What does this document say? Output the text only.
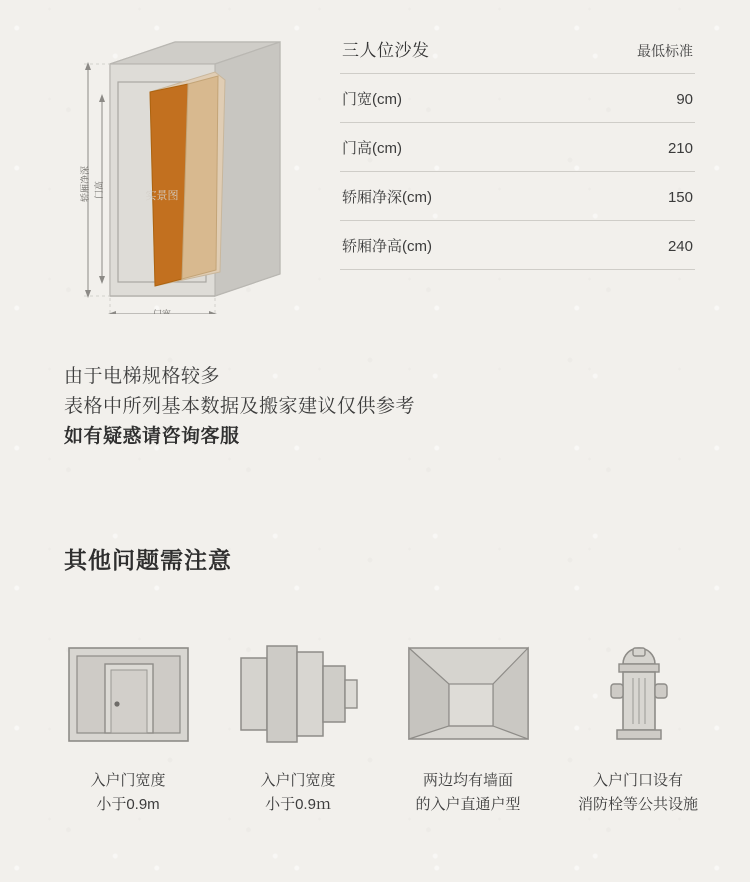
轿厢净深 门高
门宽
实景图
三人位沙发	最低标准
门宽(cm)	90
门高(cm)	210
轿厢净深(cm)	150
轿厢净高(cm)	240
由于电梯规格较多
表格中所列基本数据及搬家建议仅供参考
如有疑惑请咨询客服
其他问题需注意
入户门宽度
小于0.9m
入户门宽度
小于0.9ｍ
两边均有墙面
的入户直通户型
入户门口设有
消防栓等公共设施
